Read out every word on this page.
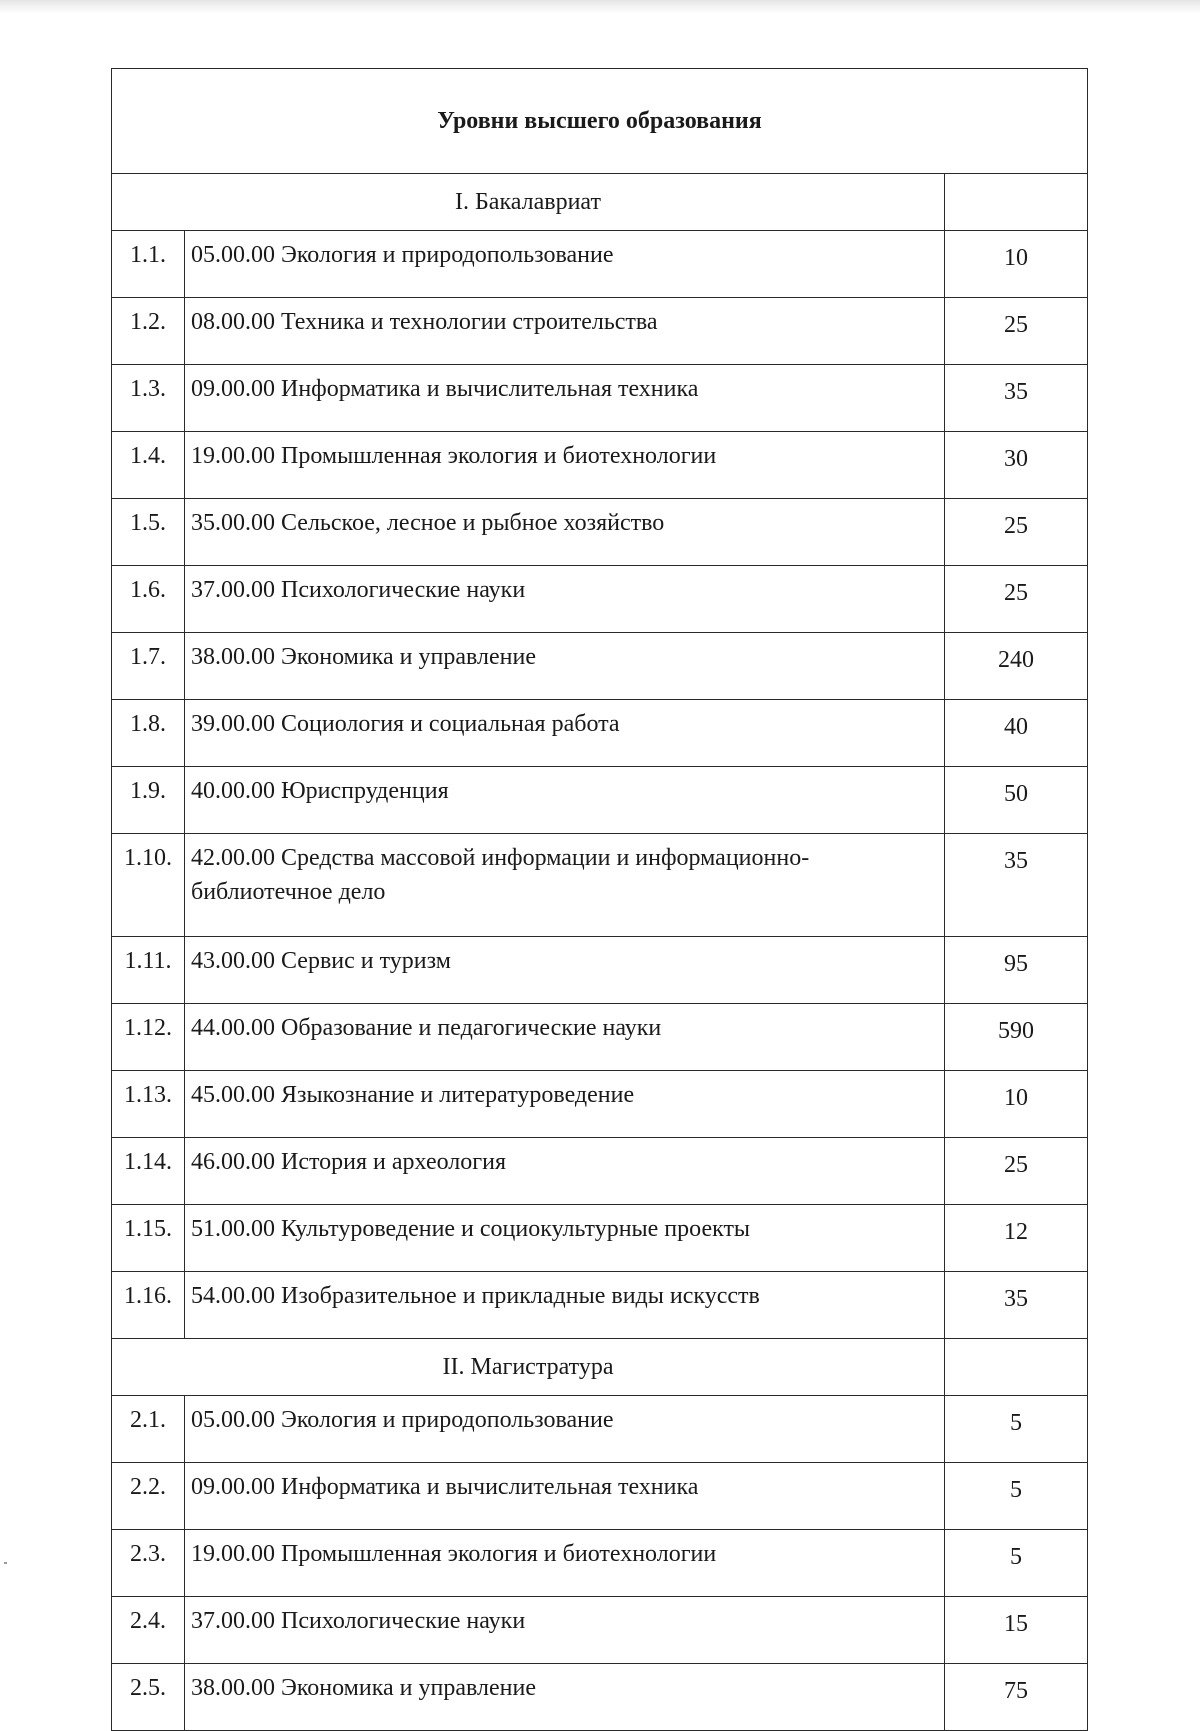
Уровни высшего образования		
I. Бакалавриат		
1.1.	05.00.00 Экология и природопользование	10
1.2.	08.00.00 Техника и технологии строительства	25
1.3.	09.00.00 Информатика и вычислительная техника	35
1.4.	19.00.00 Промышленная экология и биотехнологии	30
1.5.	35.00.00 Сельское, лесное и рыбное хозяйство	25
1.6.	37.00.00 Психологические науки	25
1.7.	38.00.00 Экономика и управление	240
1.8.	39.00.00 Социология и социальная работа	40
1.9.	40.00.00 Юриспруденция	50
1.10.	42.00.00 Средства массовой информации и информационно-библиотечное дело	35
1.11.	43.00.00 Сервис и туризм	95
1.12.	44.00.00 Образование и педагогические науки	590
1.13.	45.00.00 Языкознание и литературоведение	10
1.14.	46.00.00 История и археология	25
1.15.	51.00.00 Культуроведение и социокультурные проекты	12
1.16.	54.00.00 Изобразительное и прикладные виды искусств	35
II. Магистратура		
2.1.	05.00.00 Экология и природопользование	5
2.2.	09.00.00 Информатика и вычислительная техника	5
2.3.	19.00.00 Промышленная экология и биотехнологии	5
2.4.	37.00.00 Психологические науки	15
2.5.	38.00.00 Экономика и управление	75
